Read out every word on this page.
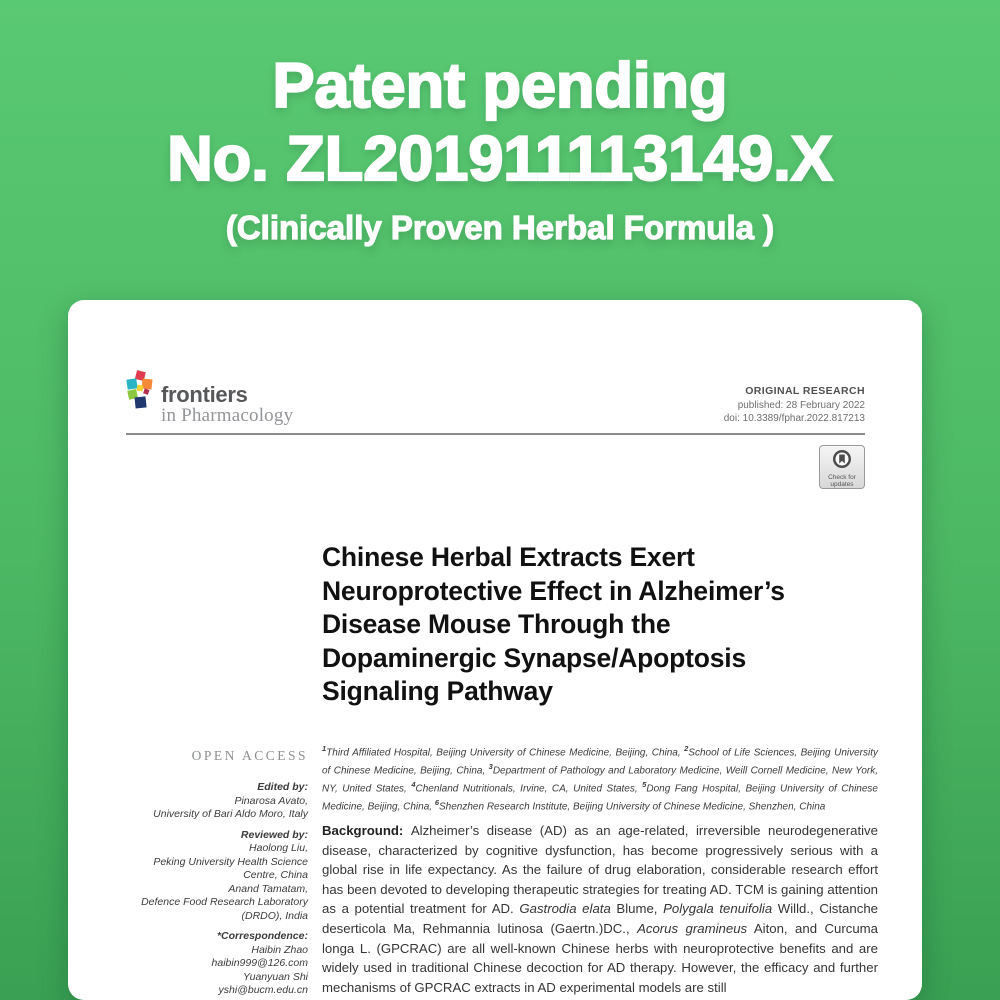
Patent pending
No. ZL201911113149.X
(Clinically Proven Herbal Formula )
frontiers
in Pharmacology
ORIGINAL RESEARCH
published: 28 February 2022
doi: 10.3389/fphar.2022.817213
Check for
updates
Chinese Herbal Extracts Exert
Neuroprotective Effect in Alzheimer’s
Disease Mouse Through the
Dopaminergic Synapse/Apoptosis
Signaling Pathway
OPEN ACCESS
Edited by:
Pinarosa Avato,
University of Bari Aldo Moro, Italy
Reviewed by:
Haolong Liu,
Peking University Health Science
Centre, China
Anand Tamatam,
Defence Food Research Laboratory
(DRDO), India
*Correspondence:
Haibin Zhao
haibin999@126.com
Yuanyuan Shi
yshi@bucm.edu.cn
$^1$Third Affiliated Hospital, Beijing University of Chinese Medicine, Beijing, China, $^2$School of Life Sciences, Beijing University of Chinese Medicine, Beijing, China, $^3$Department of Pathology and Laboratory Medicine, Weill Cornell Medicine, New York, NY, United States, $^4$Chenland Nutritionals, Irvine, CA, United States, $^5$Dong Fang Hospital, Beijing University of Chinese Medicine, Beijing, China, $^6$Shenzhen Research Institute, Beijing University of Chinese Medicine, Shenzhen, China
Background: Alzheimer’s disease (AD) as an age-related, irreversible neurodegenerative disease, characterized by cognitive dysfunction, has become progressively serious with a global rise in life expectancy. As the failure of drug elaboration, considerable research effort has been devoted to developing therapeutic strategies for treating AD. TCM is gaining attention as a potential treatment for AD. Gastrodia elata Blume, Polygala tenuifolia Willd., Cistanche deserticola Ma, Rehmannia lutinosa (Gaertn.)DC., Acorus gramineus Aiton, and Curcuma longa L. (GPCRAC) are all well-known Chinese herbs with neuroprotective benefits and are widely used in traditional Chinese decoction for AD therapy. However, the efficacy and further mechanisms of GPCRAC extracts in AD experimental models are still
